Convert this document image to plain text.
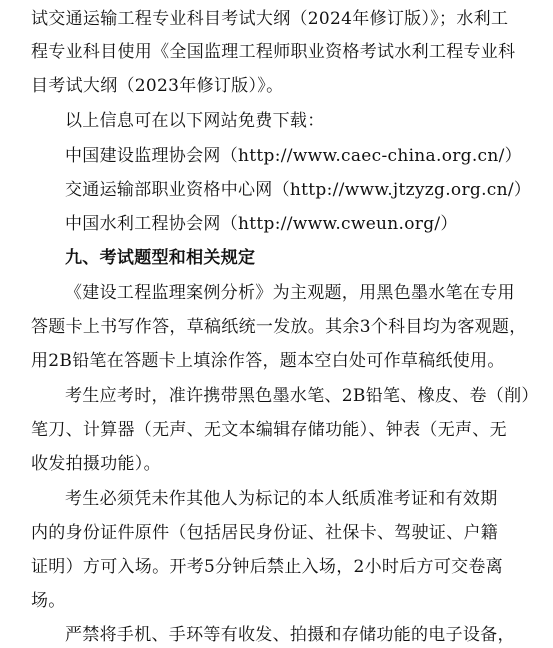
试交通运输工程专业科目考试大纲（2024年修订版）》；水利工
程专业科目使用《全国监理工程师职业资格考试水利工程专业科
目考试大纲（2023年修订版）》。
以上信息可在以下网站免费下载：
中国建设监理协会网（http://www.caec-china.org.cn/）
交通运输部职业资格中心网（http://www.jtzyzg.org.cn/）
中国水利工程协会网（http://www.cweun.org/）
九、考试题型和相关规定
《建设工程监理案例分析》为主观题，用黑色墨水笔在专用
答题卡上书写作答，草稿纸统一发放。其余3个科目均为客观题，
用2B铅笔在答题卡上填涂作答，题本空白处可作草稿纸使用。
考生应考时，准许携带黑色墨水笔、2B铅笔、橡皮、卷（削）
笔刀、计算器（无声、无文本编辑存储功能）、钟表（无声、无
收发拍摄功能）。
考生必须凭未作其他人为标记的本人纸质准考证和有效期
内的身份证件原件（包括居民身份证、社保卡、驾驶证、户籍
证明）方可入场。开考5分钟后禁止入场，2小时后方可交卷离
场。
严禁将手机、手环等有收发、拍摄和存储功能的电子设备，
